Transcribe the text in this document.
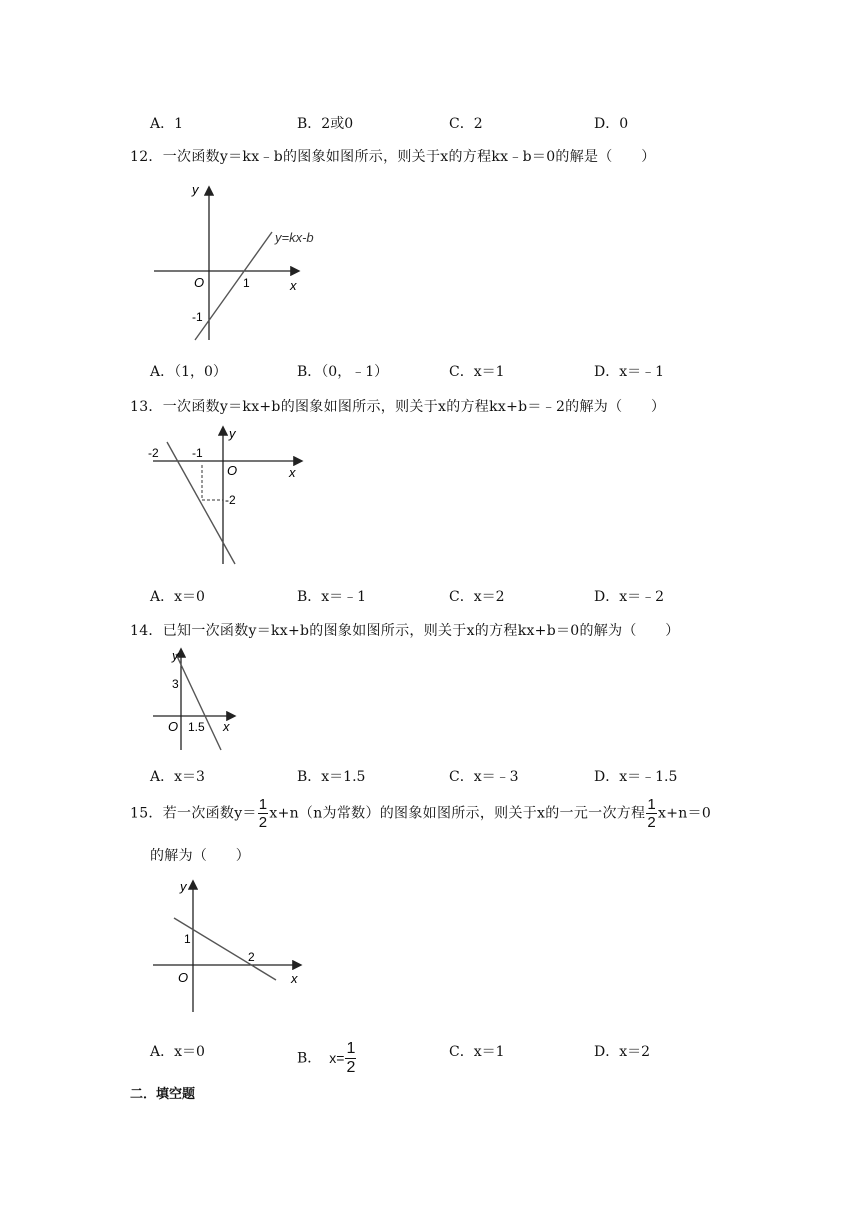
A．1	B．2或0	C．2	D．0
12．一次函数y＝kx﹣b的图象如图所示，则关于x的方程kx﹣b＝0的解是（　　）
y
x
O	1
-1
y=kx-b
A．（1，0）	B．（0，﹣1）	C．x＝1	D．x＝﹣1
13．一次函数y＝kx+b的图象如图所示，则关于x的方程kx+b＝﹣2的解为（　　）
y
x
O
-2	-1
-2
A．x＝0	B．x＝﹣1	C．x＝2	D．x＝﹣2
14．已知一次函数y＝kx+b的图象如图所示，则关于x的方程kx+b＝0的解为（　　）
y
x
O
3
1.5
A．x＝3	B．x＝1.5	C．x＝﹣3	D．x＝﹣1.5
15．若一次函数$y= \frac{1}{2} x+n(n$为常数）的图象如图所示，则关于x的一元一次方程 $\frac{1}{2} x+n=0$
的解为（　　）
y
x
O
1
2
A．x＝0	B． $x= \frac{1}{2}$	C．x＝1	D．x＝2
二．填空题
